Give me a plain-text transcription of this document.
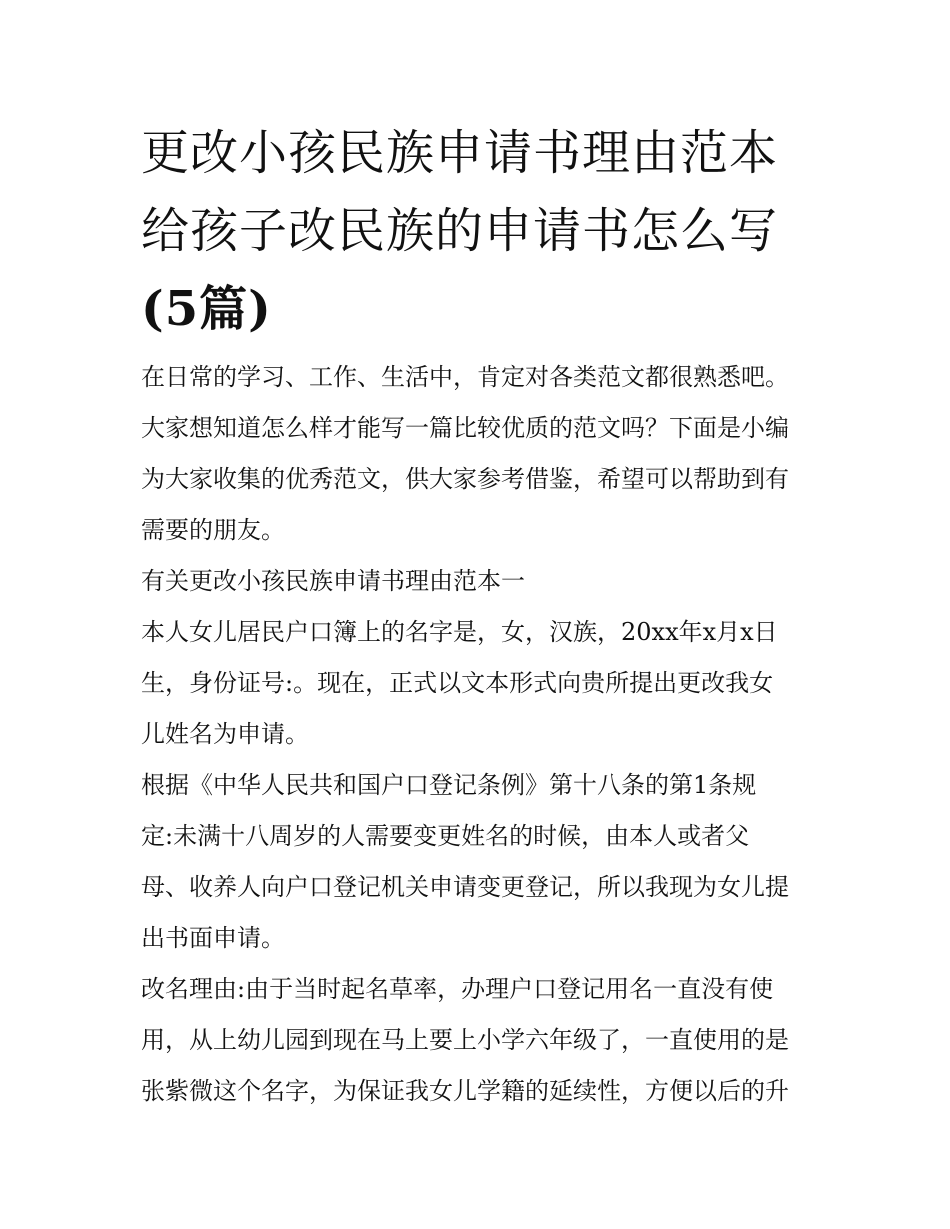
更改小孩民族申请书理由范本
给孩子改民族的申请书怎么写
(5篇)

在日常的学习、工作、生活中，肯定对各类范文都很熟悉吧。
大家想知道怎么样才能写一篇比较优质的范文吗？下面是小编
为大家收集的优秀范文，供大家参考借鉴，希望可以帮助到有
需要的朋友。

有关更改小孩民族申请书理由范本一

本人女儿居民户口簿上的名字是，女，汉族，20xx年x月x日
生，身份证号:。现在，正式以文本形式向贵所提出更改我女
儿姓名为申请。

根据《中华人民共和国户口登记条例》第十八条的第1条规
定:未满十八周岁的人需要变更姓名的时候，由本人或者父
母、收养人向户口登记机关申请变更登记，所以我现为女儿提
出书面申请。

改名理由:由于当时起名草率，办理户口登记用名一直没有使
用，从上幼儿园到现在马上要上小学六年级了，一直使用的是
张紫微这个名字，为保证我女儿学籍的延续性，方便以后的升
